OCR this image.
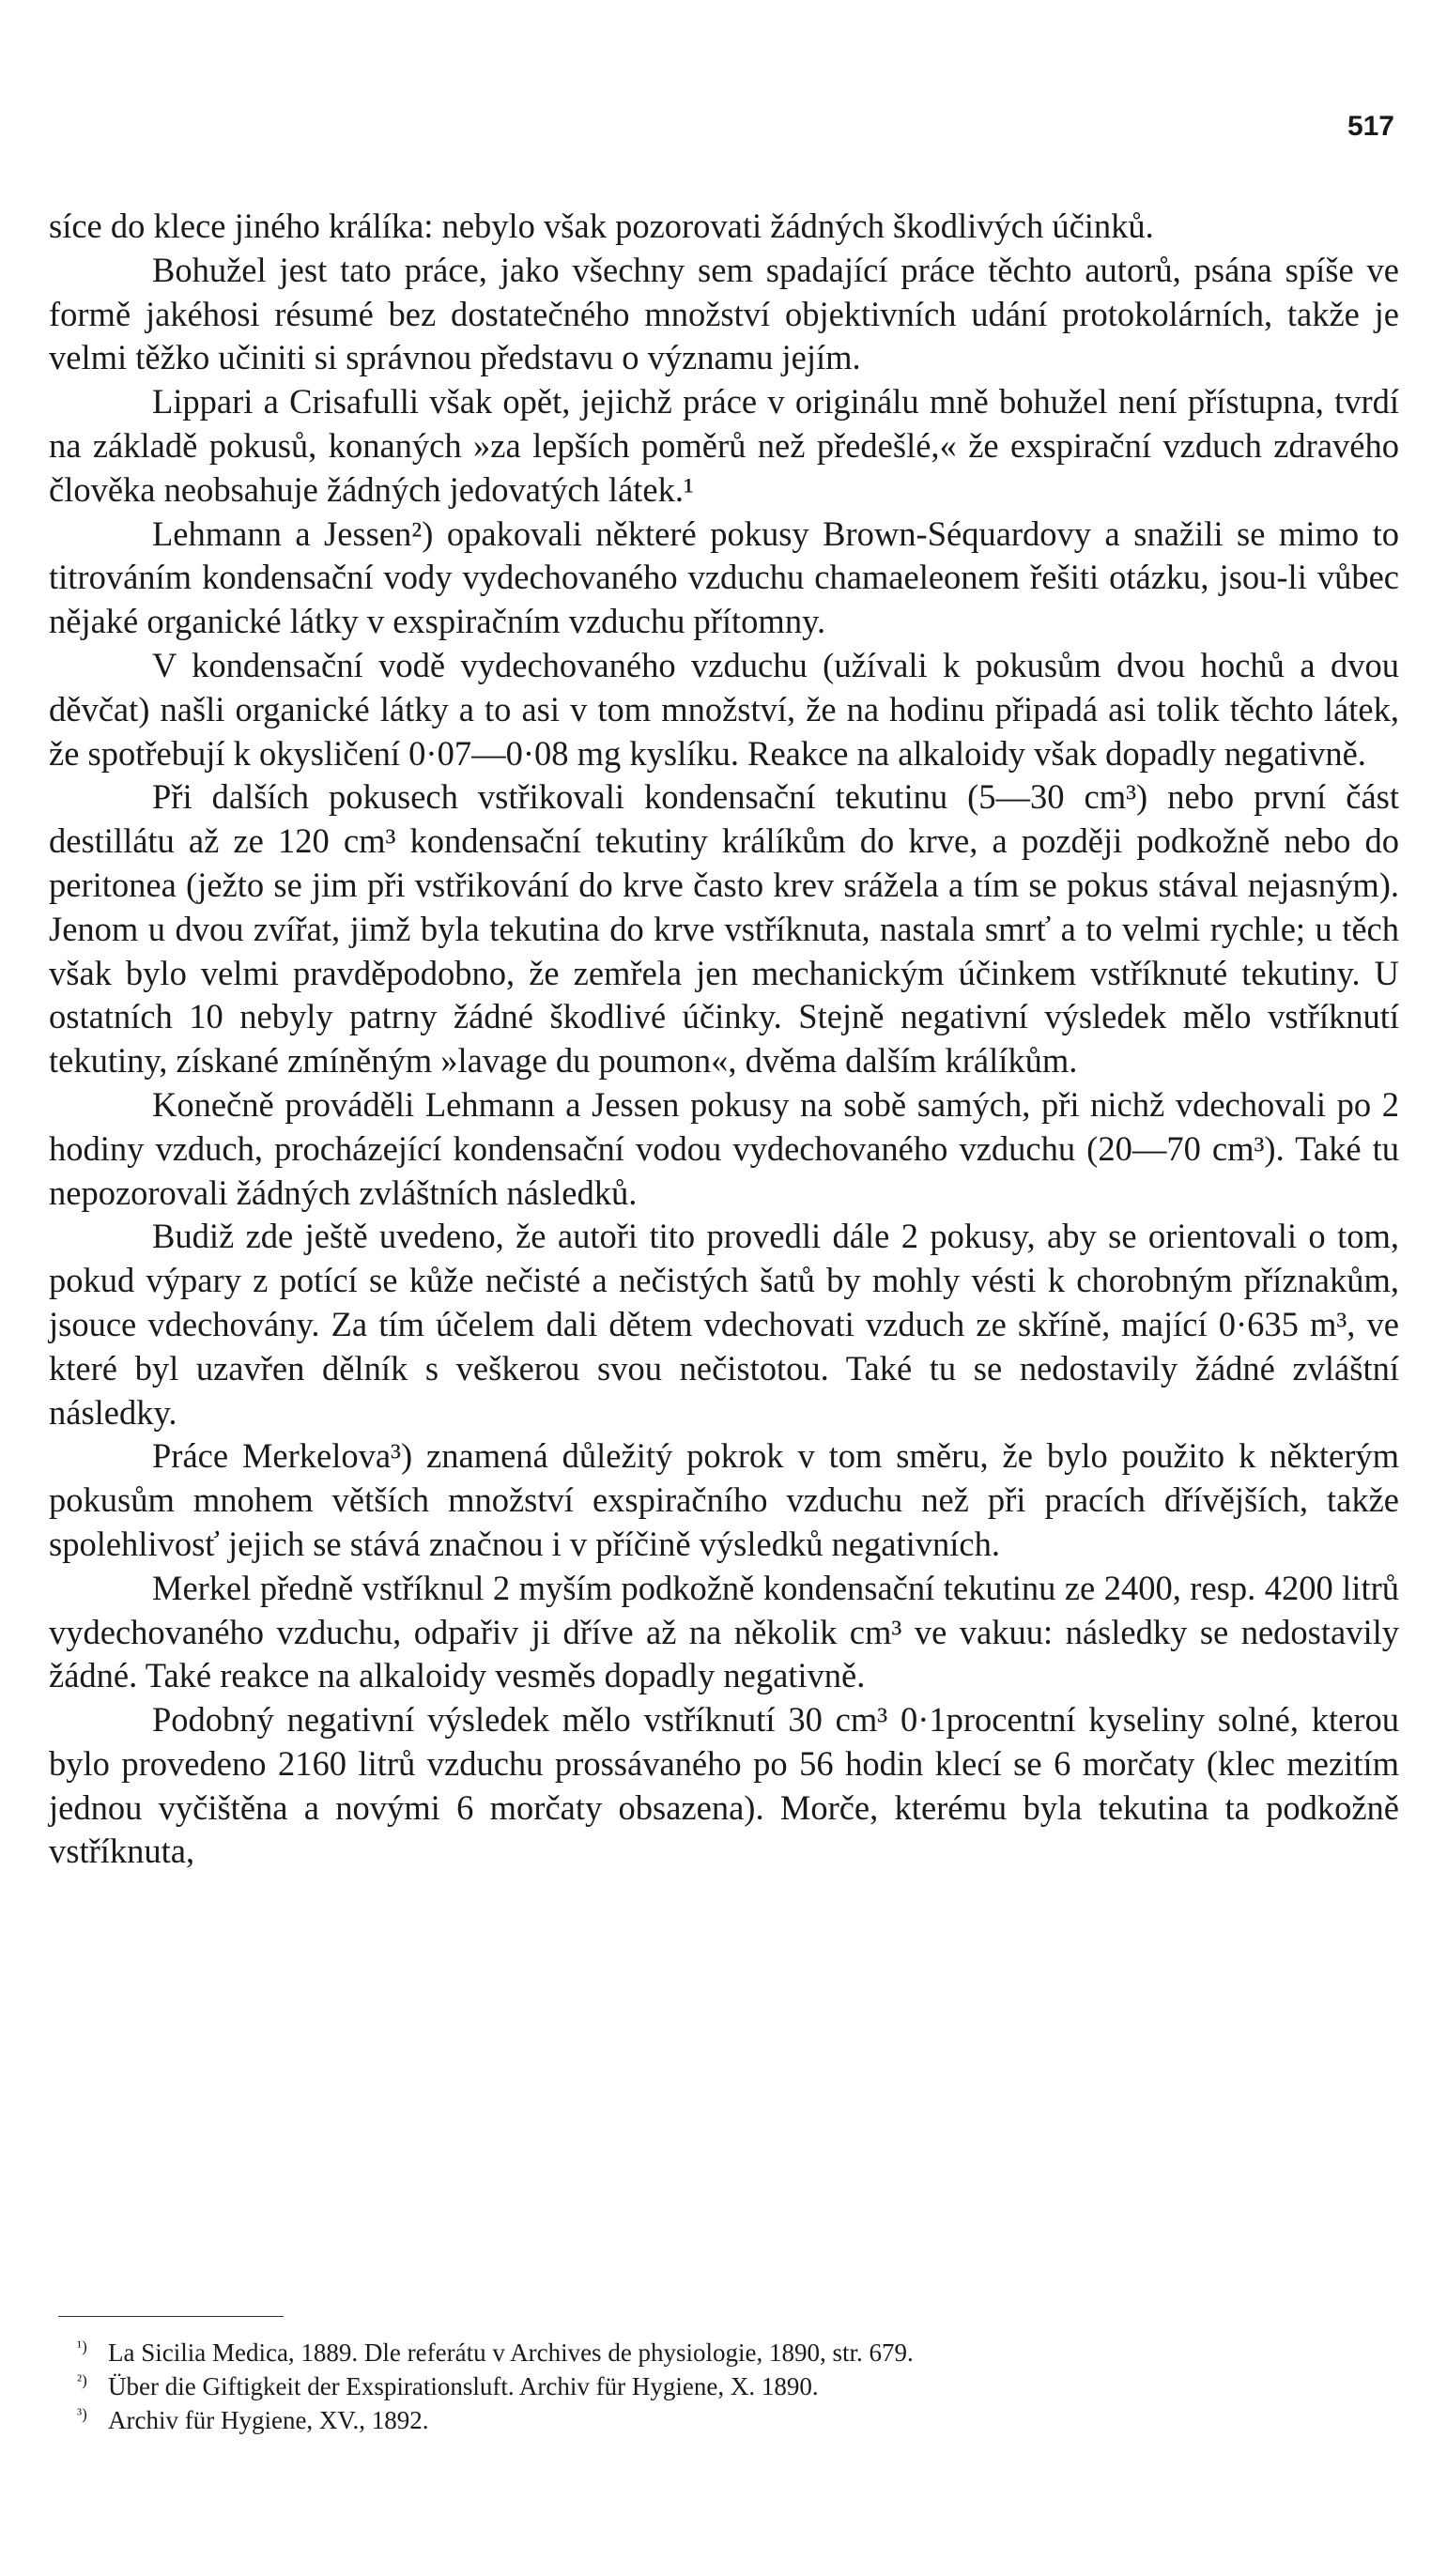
517

síce do klece jiného králíka: nebylo však pozorovati žádných škodlivých účinků.

Bohužel jest tato práce, jako všechny sem spadající práce těchto autorů, psána spíše ve formě jakéhosi résumé bez dostatečného množství objektivních udání protokolárních, takže je velmi těžko učiniti si správnou představu o významu jejím.

Lippari a Crisafulli však opět, jejichž práce v originálu mně bohužel není přístupna, tvrdí na základě pokusů, konaných »za lepších poměrů než předešlé,« že exspirační vzduch zdravého člověka neobsahuje žádných jedovatých látek.¹

Lehmann a Jessen²) opakovali některé pokusy Brown-Séquardovy a snažili se mimo to titrováním kondensační vody vydechovaného vzduchu chamaeleonem řešiti otázku, jsou-li vůbec nějaké organické látky v exspiračním vzduchu přítomny.

V kondensační vodě vydechovaného vzduchu (užívali k pokusům dvou hochů a dvou děvčat) našli organické látky a to asi v tom množství, že na hodinu připadá asi tolik těchto látek, že spotřebují k okysličení 0·07—0·08 mg kyslíku. Reakce na alkaloidy však dopadly negativně.

Při dalších pokusech vstřikovali kondensační tekutinu (5—30 cm³) nebo první část destillátu až ze 120 cm³ kondensační tekutiny králíkům do krve, a později podkožně nebo do peritonea (ježto se jim při vstřikování do krve často krev srážela a tím se pokus stával nejasným). Jenom u dvou zvířat, jimž byla tekutina do krve vstříknuta, nastala smrť a to velmi rychle; u těch však bylo velmi pravděpodobno, že zemřela jen mechanickým účinkem vstříknuté tekutiny. U ostatních 10 nebyly patrny žádné škodlivé účinky. Stejně negativní výsledek mělo vstříknutí tekutiny, získané zmíněným »lavage du poumon«, dvěma dalším králíkům.

Konečně prováděli Lehmann a Jessen pokusy na sobě samých, při nichž vdechovali po 2 hodiny vzduch, procházející kondensační vodou vydechovaného vzduchu (20—70 cm³). Také tu nepozorovali žádných zvláštních následků.

Budiž zde ještě uvedeno, že autoři tito provedli dále 2 pokusy, aby se orientovali o tom, pokud výpary z potící se kůže nečisté a nečistých šatů by mohly vésti k chorobným příznakům, jsouce vdechovány. Za tím účelem dali dětem vdechovati vzduch ze skříně, mající 0·635 m³, ve které byl uzavřen dělník s veškerou svou nečistotou. Také tu se nedostavily žádné zvláštní následky.

Práce Merkelova³) znamená důležitý pokrok v tom směru, že bylo použito k některým pokusům mnohem větších množství exspiračního vzduchu než při pracích dřívějších, takže spolehlivosť jejich se stává značnou i v příčině výsledků negativních.

Merkel předně vstříknul 2 myším podkožně kondensační tekutinu ze 2400, resp. 4200 litrů vydechovaného vzduchu, odpařiv ji dříve až na několik cm³ ve vakuu: následky se nedostavily žádné. Také reakce na alkaloidy vesměs dopadly negativně.

Podobný negativní výsledek mělo vstříknutí 30 cm³ 0·1procentní kyseliny solné, kterou bylo provedeno 2160 litrů vzduchu prossávaného po 56 hodin klecí se 6 morčaty (klec mezitím jednou vyčištěna a novými 6 morčaty obsazena). Morče, kterému byla tekutina ta podkožně vstříknuta,

¹) La Sicilia Medica, 1889. Dle referátu v Archives de physiologie, 1890, str. 679.

²) Über die Giftigkeit der Exspirationsluft. Archiv für Hygiene, X. 1890.

³) Archiv für Hygiene, XV., 1892.
